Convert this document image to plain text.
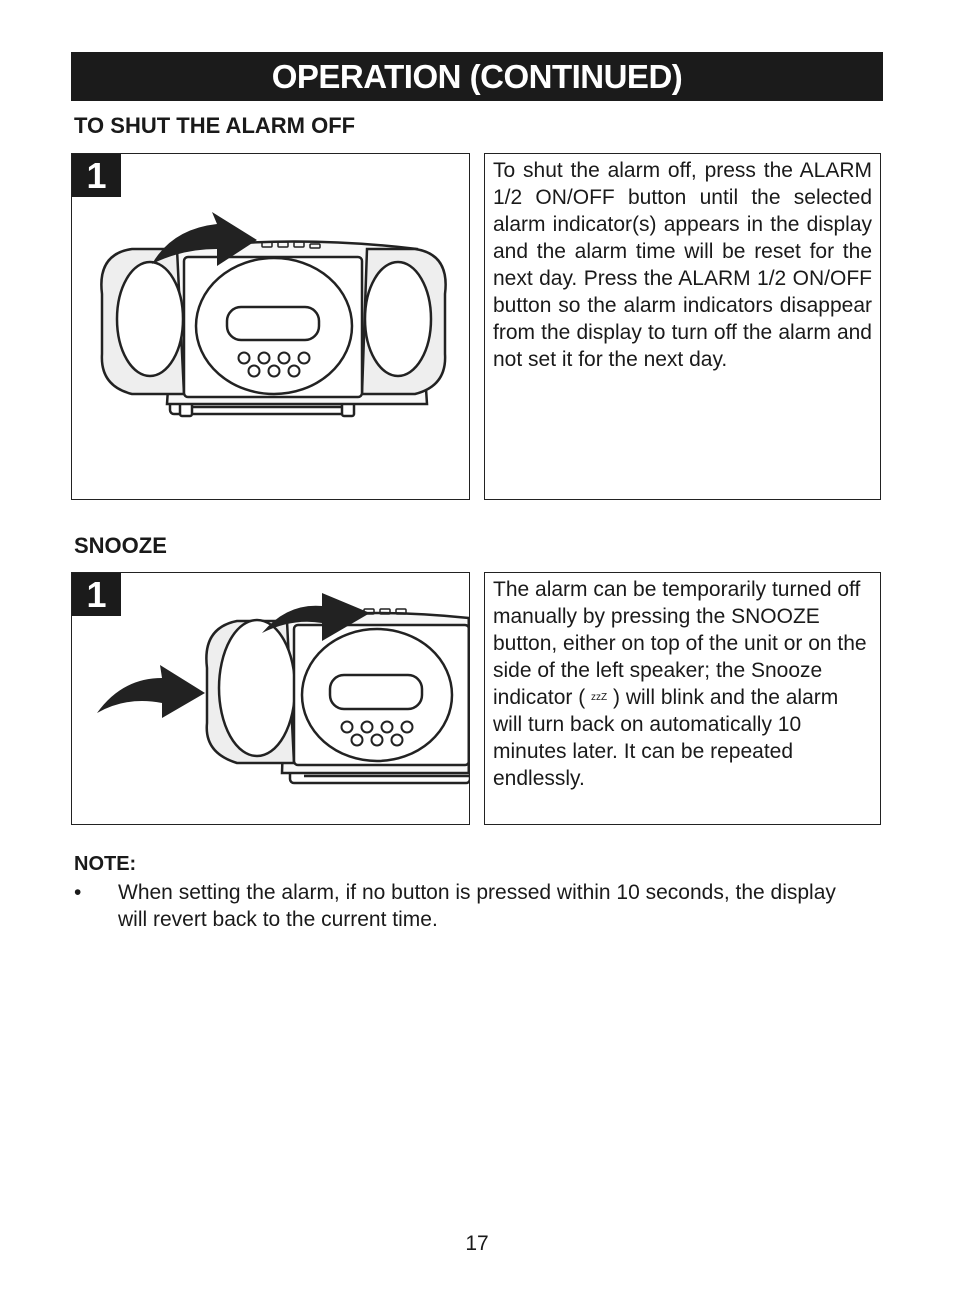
OPERATION (CONTINUED)
TO SHUT THE ALARM OFF
1	To shut the alarm off, press the ALARM 1/2 ON/OFF button until the selected alarm indicator(s) appears in the display and the alarm time will be reset for the next day. Press the ALARM 1/2 ON/OFF button so the alarm indicators disappear from the display to turn off the alarm and not set it for the next day.
SNOOZE
1	The alarm can be temporarily turned off manually by pressing the SNOOZE button, either on top of the unit or on the side of the left speaker; the Snooze indicator ( zzZ ) will blink and the alarm will turn back on automatically 10 minutes later. It can be repeated endlessly.
NOTE:
• When setting the alarm, if no button is pressed within 10 seconds, the display will revert back to the current time.
17
